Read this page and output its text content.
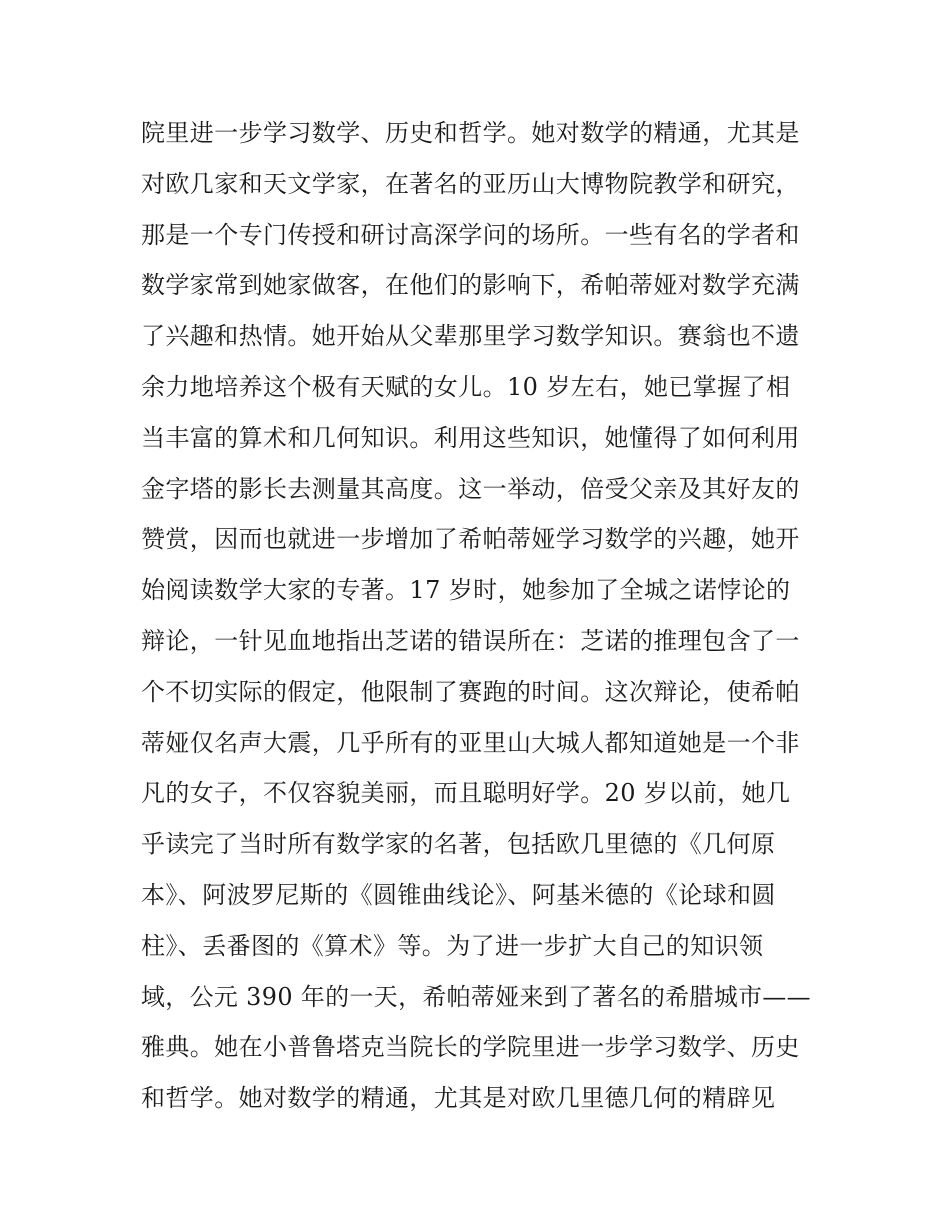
院里进一步学习数学、历史和哲学。她对数学的精通，尤其是
对欧几家和天文学家，在著名的亚历山大博物院教学和研究，
那是一个专门传授和研讨高深学问的场所。一些有名的学者和
数学家常到她家做客，在他们的影响下，希帕蒂娅对数学充满
了兴趣和热情。她开始从父辈那里学习数学知识。赛翁也不遗
余力地培养这个极有天赋的女儿。10 岁左右，她已掌握了相
当丰富的算术和几何知识。利用这些知识，她懂得了如何利用
金字塔的影长去测量其高度。这一举动，倍受父亲及其好友的
赞赏，因而也就进一步增加了希帕蒂娅学习数学的兴趣，她开
始阅读数学大家的专著。17 岁时，她参加了全城之诺悖论的
辩论，一针见血地指出芝诺的错误所在：芝诺的推理包含了一
个不切实际的假定，他限制了赛跑的时间。这次辩论，使希帕
蒂娅仅名声大震，几乎所有的亚里山大城人都知道她是一个非
凡的女子，不仅容貌美丽，而且聪明好学。20 岁以前，她几
乎读完了当时所有数学家的名著，包括欧几里德的《几何原
本》、阿波罗尼斯的《圆锥曲线论》、阿基米德的《论球和圆
柱》、丢番图的《算术》等。为了进一步扩大自己的知识领
域，公元 390 年的一天，希帕蒂娅来到了著名的希腊城市——
雅典。她在小普鲁塔克当院长的学院里进一步学习数学、历史
和哲学。她对数学的精通，尤其是对欧几里德几何的精辟见
